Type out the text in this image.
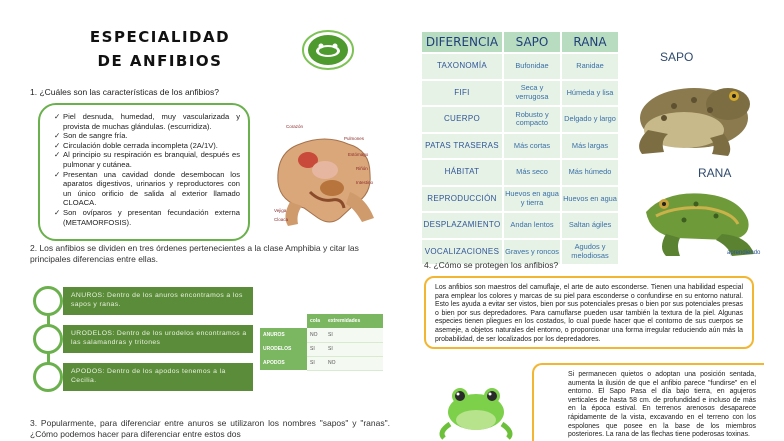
ESPECIALIDAD
DE ANFIBIOS
1. ¿Cuáles son las características de los anfibios?
✓ Piel desnuda, humedad, muy vascularizada y provista de muchas glándulas. (escurridiza).
✓ Son de sangre fría.
✓ Circulación doble cerrada incompleta (2A/1V).
✓ Al principio su respiración es branquial, después es pulmonar y cutánea.
✓ Presentan una cavidad donde desembocan los aparatos digestivos, urinarios y reproductores con un único orificio de salida al exterior llamado CLOACA.
✓ Son ovíparos y presentan fecundación externa (METAMORFOSIS).
Corazón
Pulmones
Estómago
Riñón
Intestino
Vejiga
Cloaca
2. Los anfibios se dividen en tres órdenes pertenecientes a la clase Amphibia y citar las principales diferencias entre ellas.
ANUROS: Dentro de los anuros encontramos a los sapos y ranas.
URODELOS: Dentro de los urodelos encontramos a las salamandras y tritones
APODOS: Dentro de los apodos tenemos a la Cecilia.
	cola	extremidades
ANUROS	NO	SI
URODELOS	SI	SI
APODOS	SI	NO
3. Popularmente, para diferenciar entre anuros se utilizaron los nombres "sapos" y "ranas". ¿Cómo podemos hacer para diferenciar entre estos dos
DIFERENCIA	SAPO	RANA
TAXONOMÍA	Bufonidae	Ranidae
FIFI	Seca y verrugosa	Húmeda y lisa
CUERPO	Robusto y compacto	Delgado y largo
PATAS TRASERAS	Más cortas	Más largas
HÁBITAT	Más seco	Más húmedo
REPRODUCCIÓN	Huevos en agua y tierra	Huevos en agua
DESPLAZAMIENTO	Andan lentos	Saltan ágiles
VOCALIZACIONES	Graves y roncos	Agudos y melodiosas
SAPO
RANA
aprendiendo
4. ¿Cómo se protegen los anfibios?
Los anfibios son maestros del camuflaje, el arte de auto esconderse. Tienen una habilidad especial para emplear los colores y marcas de su piel para esconderse o confundirse en su entorno natural. Esto les ayuda a evitar ser vistos, bien por sus potenciales presas o bien por sus potenciales presas o bien por sus depredadores. Para camuflarse pueden usar también la textura de la piel. Algunas especies tienen pliegues en los costados, lo cual puede hacer que el contorno de sus cuerpos se asemeje, a objetos naturales del entorno, o proporcionar una forma irregular reduciendo aún más la probabilidad, de ser localizados por los depredadores.
Si permanecen quietos o adoptan una posición sentada, aumenta la ilusión de que el anfibio parece "fundirse" en el entorno. El Sapo Pasa el día bajo tierra, en agujeros verticales de hasta 58 cm. de profundidad e incluso de más en la época estival. En terrenos arenosos desaparece rápidamente de la vista, excavando en el terreno con los espolones que posee en la base de los miembros posteriores. La rana de las flechas tiene poderosas toxinas.
